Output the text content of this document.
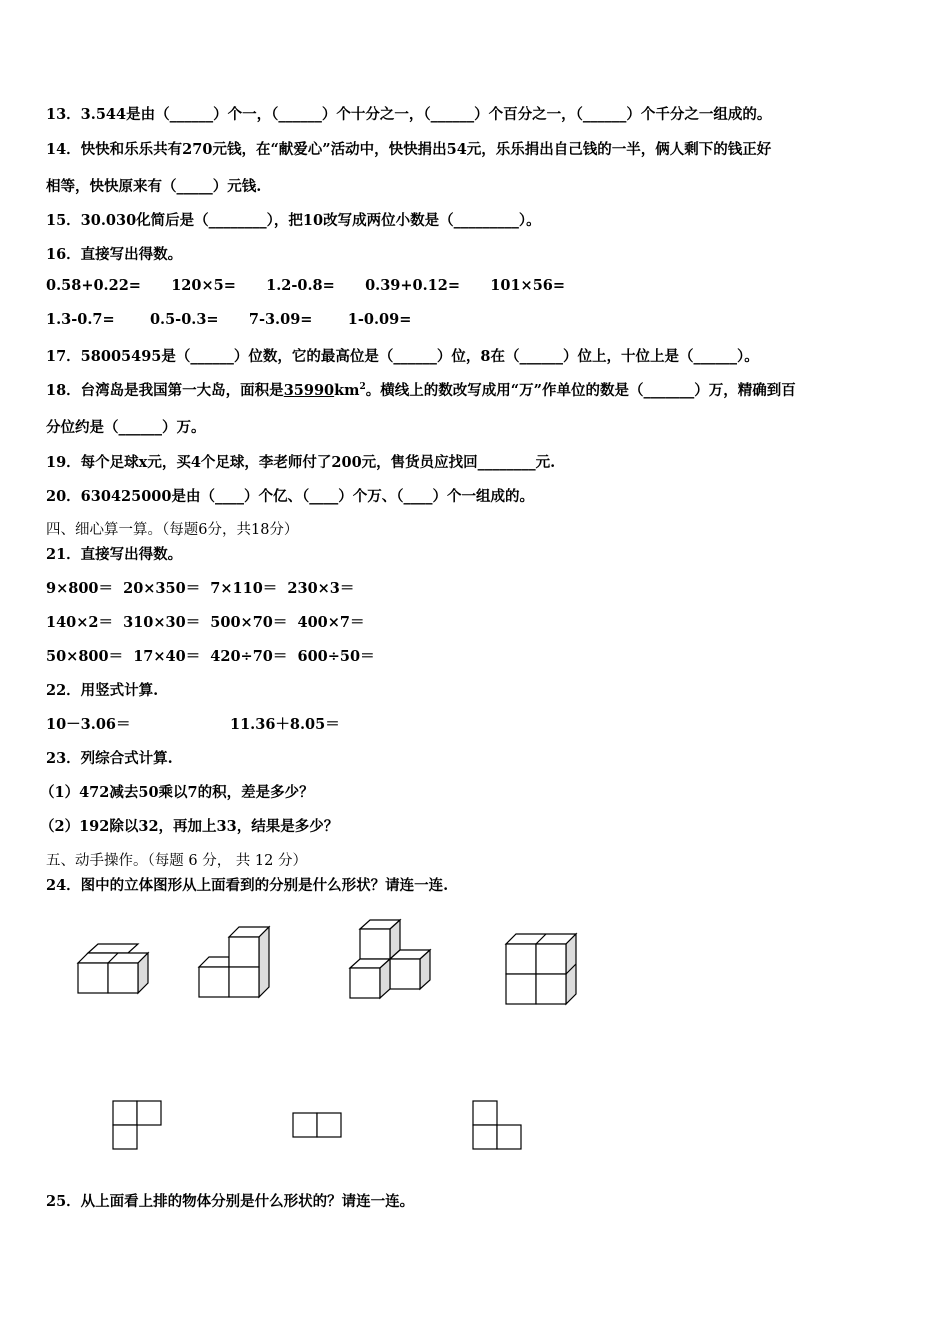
13．3.544是由（______）个一，（______）个十分之一，（______）个百分之一，（______）个千分之一组成的。
14．快快和乐乐共有270元钱，在“献爱心”活动中，快快捐出54元，乐乐捐出自己钱的一半，俩人剩下的钱正好
相等，快快原来有（_____）元钱.
15．30.030化简后是（________），把10改写成两位小数是（_________）。
16．直接写出得数。
0.58+0.22=      120×5=      1.2-0.8=      0.39+0.12=      101×56=
1.3-0.7=       0.5-0.3=      7-3.09=       1-0.09=
17．58005495是（______）位数，它的最高位是（______）位，8在（______）位上，十位上是（______）。
18．台湾岛是我国第一大岛，面积是$35990km^2$。横线上的数改写成用“万”作单位的数是（_______）万，精确到百
分位约是（______）万。
19．每个足球x元，买4个足球，李老师付了200元，售货员应找回________元.
20．630425000是由（____）个亿、（____）个万、（____）个一组成的。
四、细心算一算。（每题6分，共18分）
21．直接写出得数。
9×800＝  20×350＝  7×110＝  230×3＝
140×2＝  310×30＝  500×70＝  400×7＝
50×800＝  17×40＝  420÷70＝  600÷50＝
22．用竖式计算.
10－3.06＝	11.36＋8.05＝
23．列综合式计算.
（1）472减去50乘以7的积，差是多少？
（2）192除以32，再加上33，结果是多少？
五、动手操作。（每题 6 分， 共 12 分）
24．图中的立体图形从上面看到的分别是什么形状？请连一连.
25．从上面看上排的物体分别是什么形状的？请连一连。
